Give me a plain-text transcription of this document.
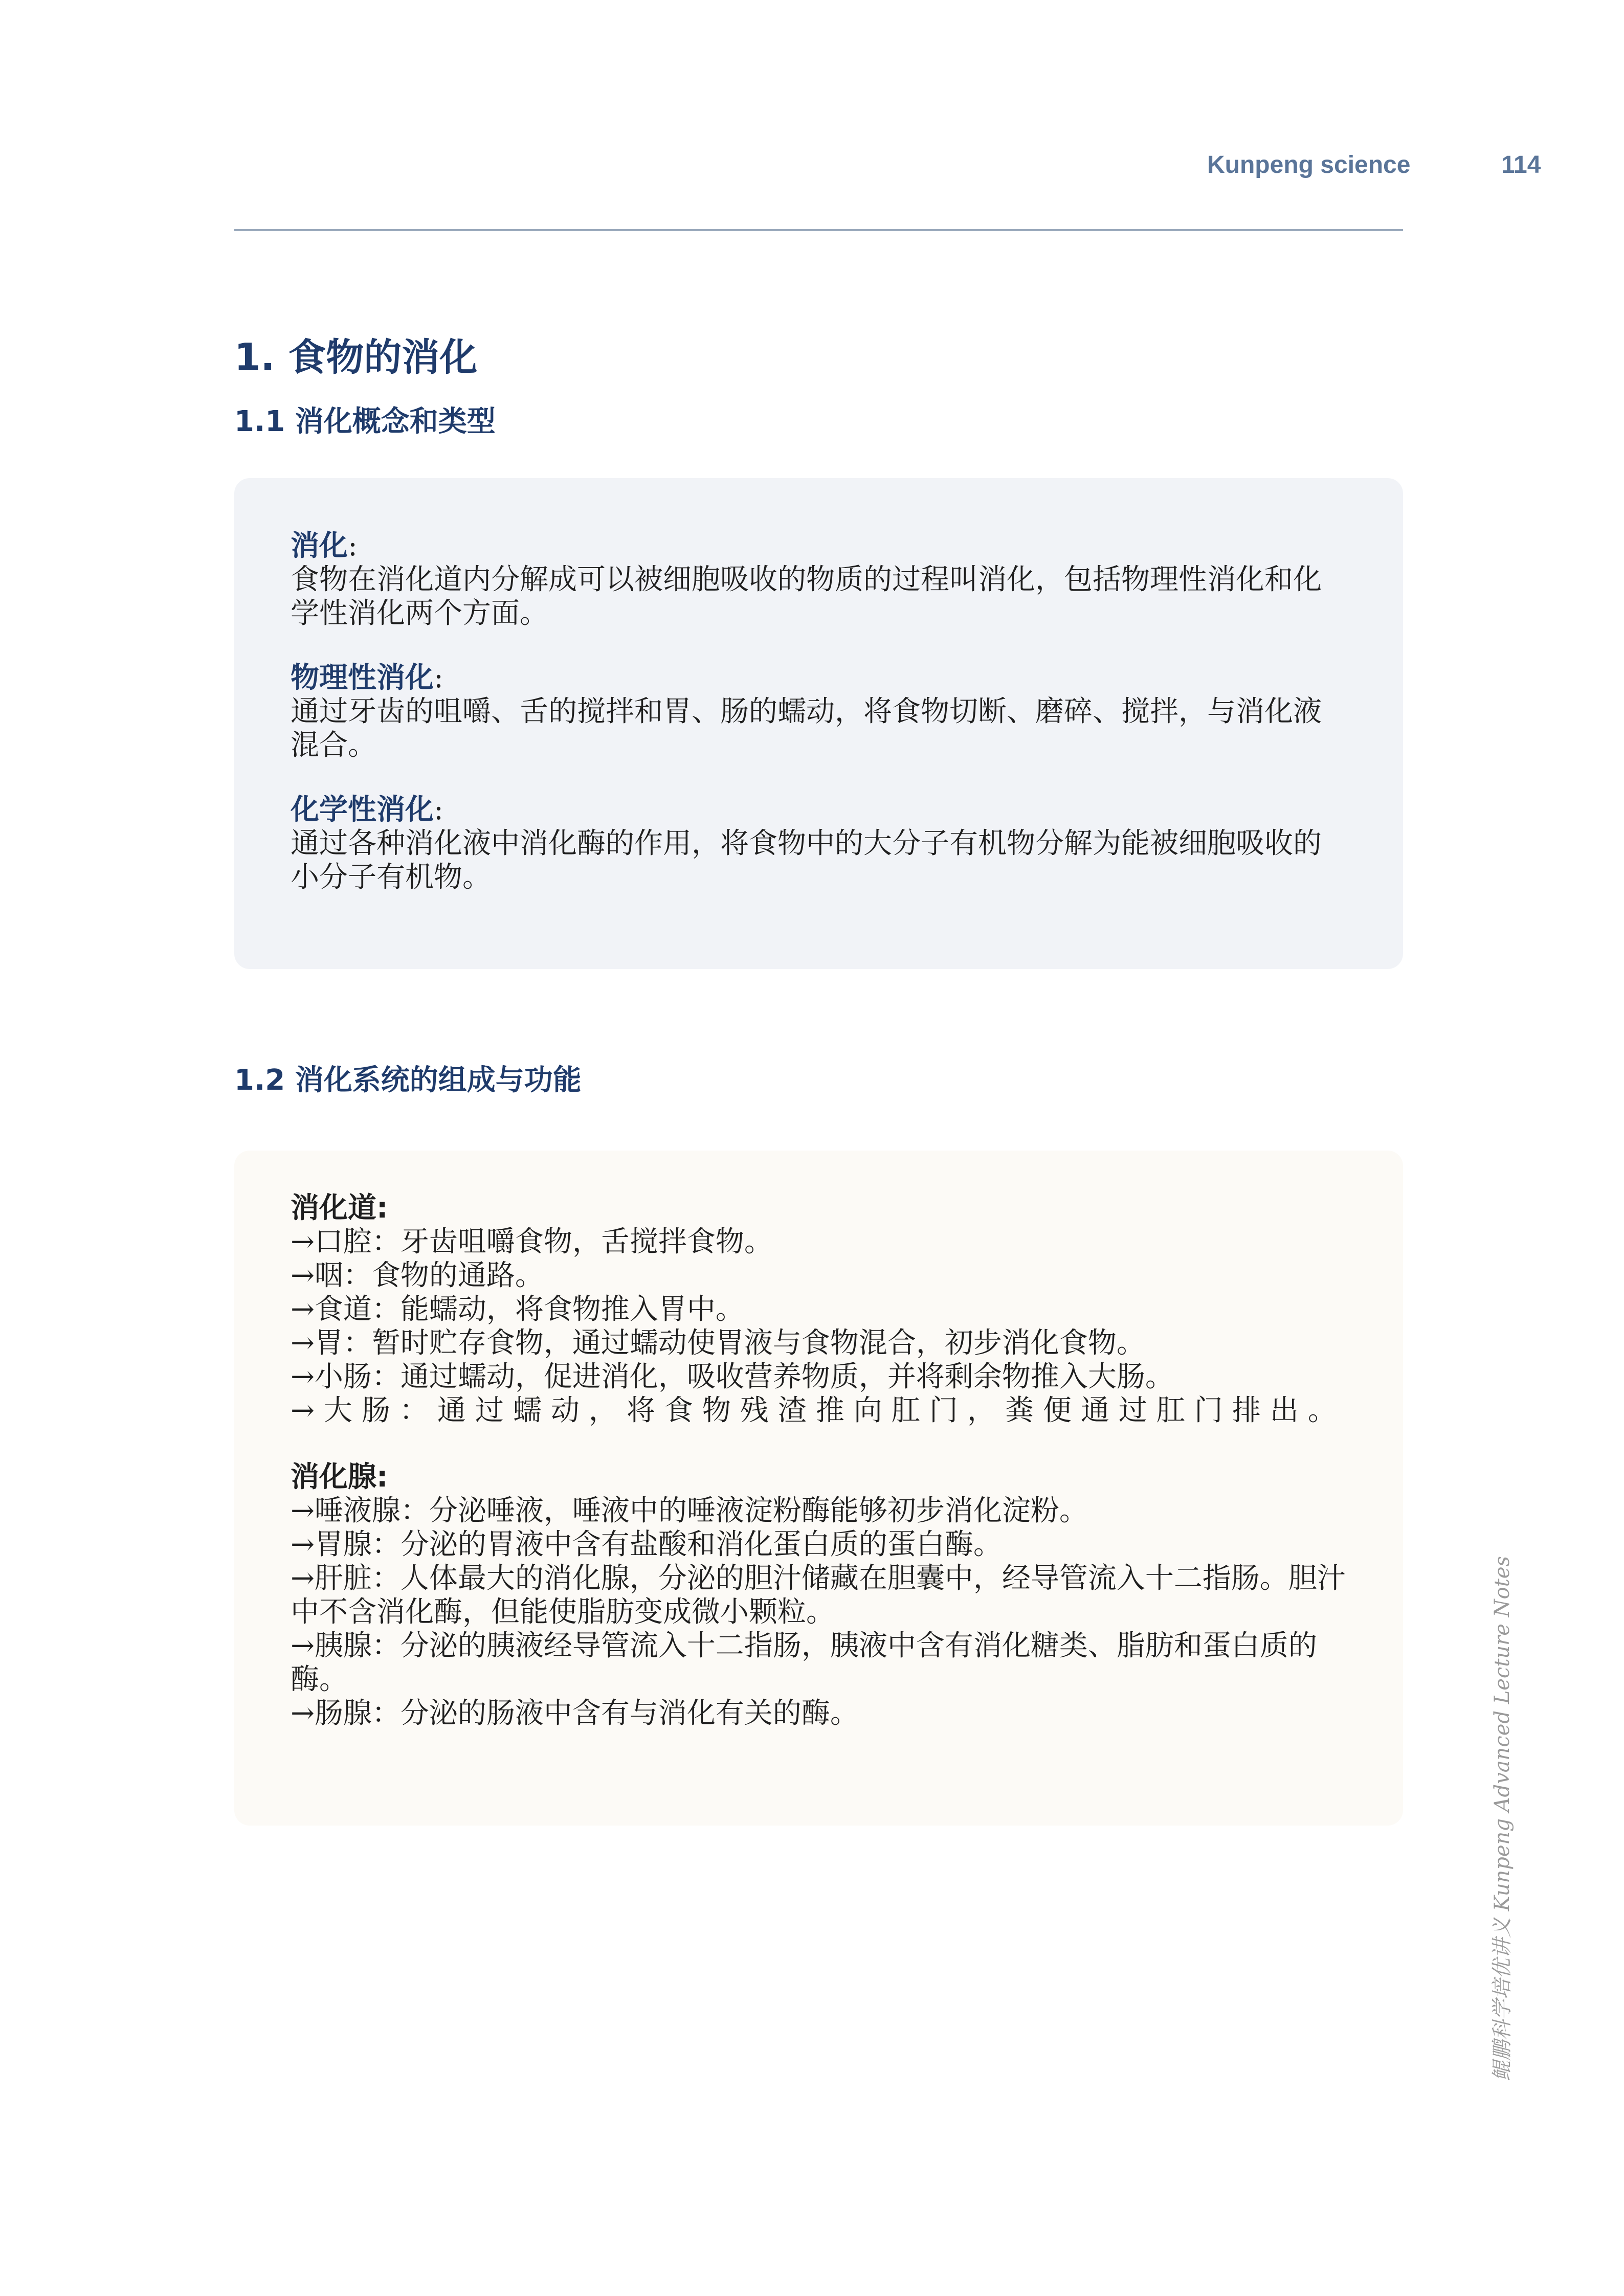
Kunpeng science	114
1. 食物的消化
1.1 消化概念和类型
消化:
食物在消化道内分解成可以被细胞吸收的物质的过程叫消化，包括物理性消化和化学性消化两个方面。
物理性消化:
通过牙齿的咀嚼、舌的搅拌和胃、肠的蠕动，将食物切断、磨碎、搅拌，与消化液混合。
化学性消化:
通过各种消化液中消化酶的作用，将食物中的大分子有机物分解为能被细胞吸收的小分子有机物。
1.2 消化系统的组成与功能
消化道:
→口腔：牙齿咀嚼食物，舌搅拌食物。
→咽：食物的通路。
→食道：能蠕动，将食物推入胃中。
→胃：暂时贮存食物，通过蠕动使胃液与食物混合，初步消化食物。
→小肠：通过蠕动，促进消化，吸收营养物质，并将剩余物推入大肠。
→大肠：通过蠕动，将食物残渣推向肛门，粪便通过肛门排出。
消化腺:
→唾液腺：分泌唾液，唾液中的唾液淀粉酶能够初步消化淀粉。
→胃腺：分泌的胃液中含有盐酸和消化蛋白质的蛋白酶。
→肝脏：人体最大的消化腺，分泌的胆汁储藏在胆囊中，经导管流入十二指肠。胆汁中不含消化酶，但能使脂肪变成微小颗粒。
→胰腺：分泌的胰液经导管流入十二指肠，胰液中含有消化糖类、脂肪和蛋白质的酶。
→肠腺：分泌的肠液中含有与消化有关的酶。	鲲鹏科学培优讲义 Kunpeng Advanced Lecture Notes
